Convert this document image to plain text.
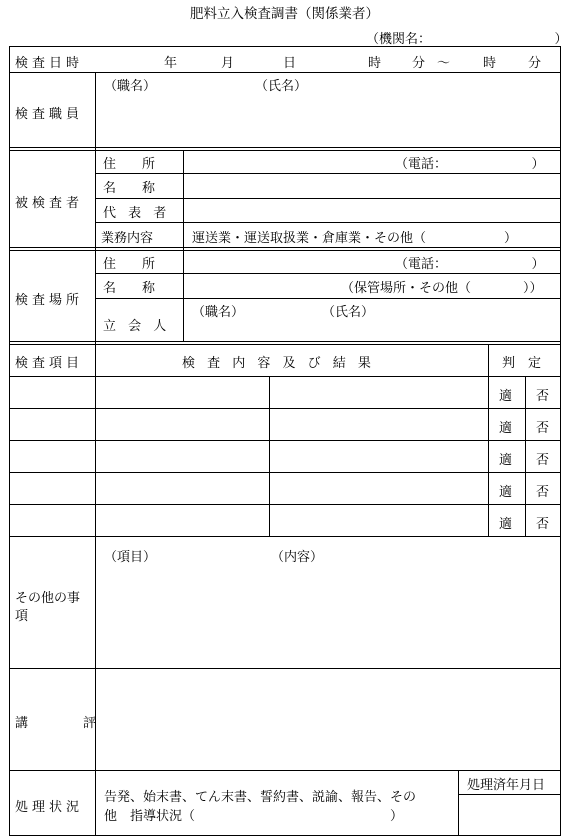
肥料立入検査調書（関係業者）
（機関名：　　　　　　　　　　）
検査日時	年	月	日	時 分 ～	時 分
検査職員
（職名）	（氏名）
被検査者
住　　所	（電話：　　　　　　　）
名　　称
代 表 者
業務内容	運送業・運送取扱業・倉庫業・その他（　　　　　　）
検査場所
住　　所	（電話：　　　　　　　）
名　　称	（保管場所・その他（　　　　））
立 会 人
（職名）	（氏名）
検査項目	検 査 内 容 及 び 結 果	判　定
適 否
適 否
適 否
適 否
適 否
その他の事
項
（項目）	（内容）
講　　　評
処理状況
告発、始末書、てん末書、誓約書、説諭、報告、その
他　指導状況（　　　　　　　　　　　　　　　）
処理済年月日
